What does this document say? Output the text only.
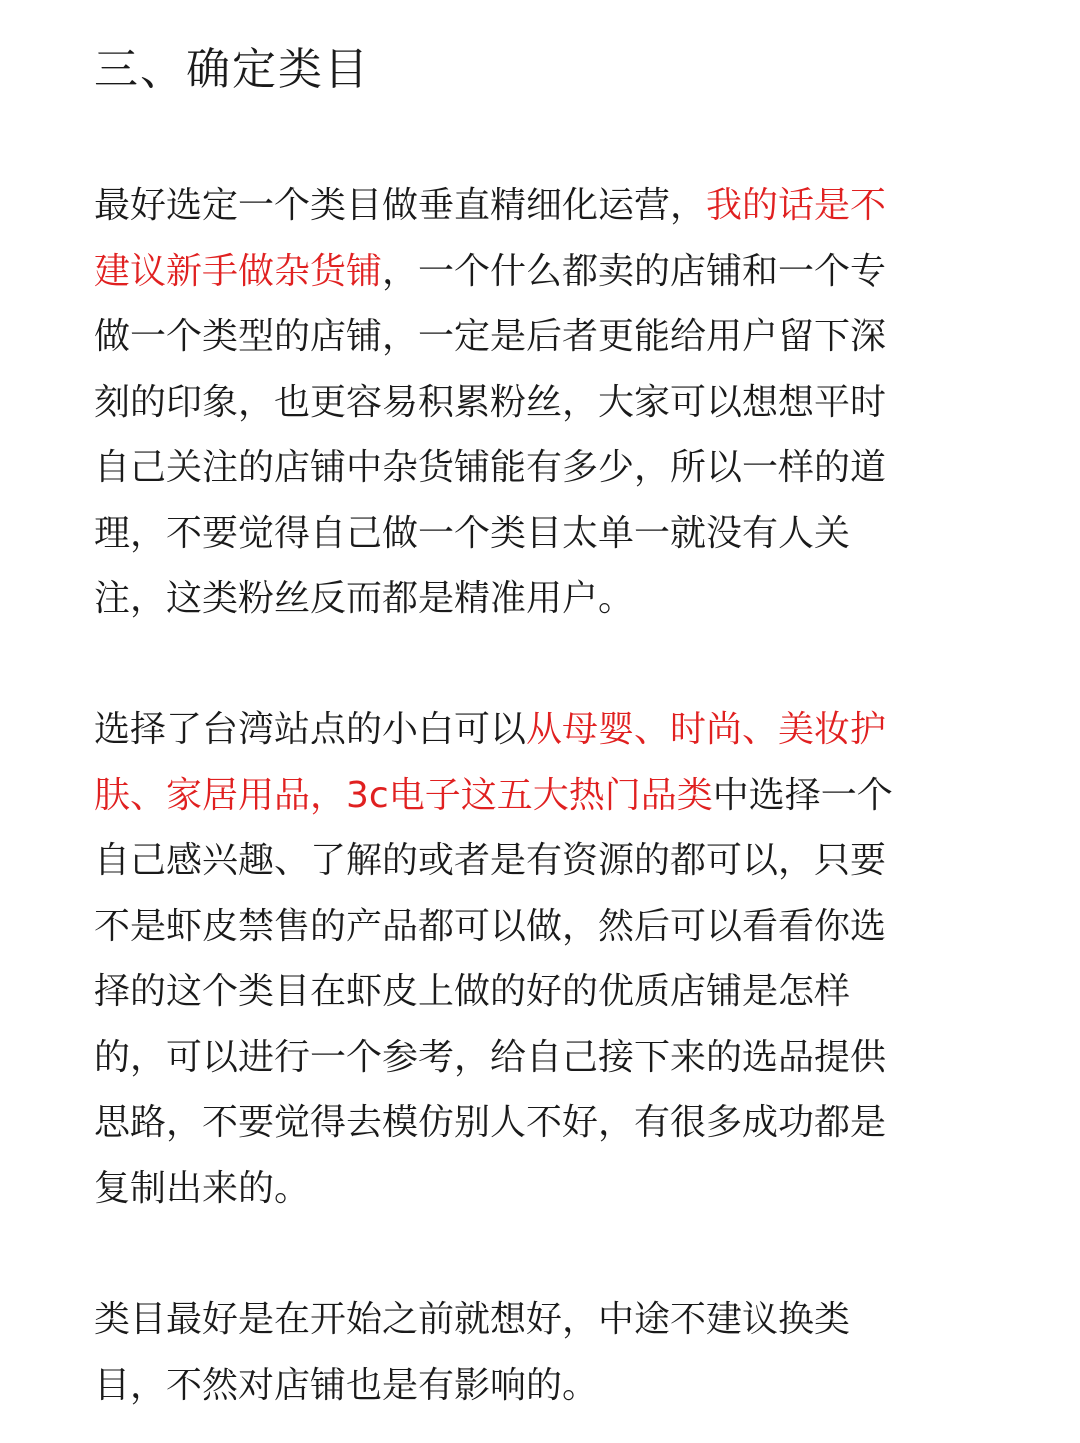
三、确定类目

最好选定一个类目做垂直精细化运营，我的话是不
建议新手做杂货铺，一个什么都卖的店铺和一个专
做一个类型的店铺，一定是后者更能给用户留下深
刻的印象，也更容易积累粉丝，大家可以想想平时
自己关注的店铺中杂货铺能有多少，所以一样的道
理，不要觉得自己做一个类目太单一就没有人关
注，这类粉丝反而都是精准用户。

选择了台湾站点的小白可以从母婴、时尚、美妆护
肤、家居用品，3c电子这五大热门品类中选择一个
自己感兴趣、了解的或者是有资源的都可以，只要
不是虾皮禁售的产品都可以做，然后可以看看你选
择的这个类目在虾皮上做的好的优质店铺是怎样
的，可以进行一个参考，给自己接下来的选品提供
思路，不要觉得去模仿别人不好，有很多成功都是
复制出来的。

类目最好是在开始之前就想好，中途不建议换类
目，不然对店铺也是有影响的。
